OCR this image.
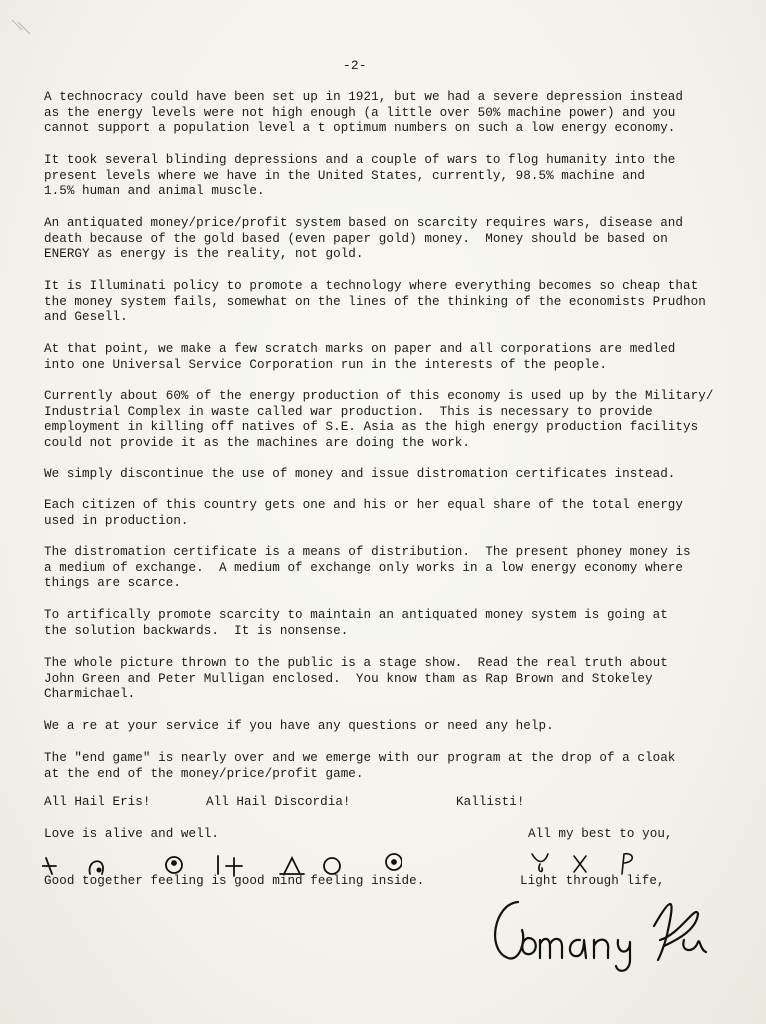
-2-

A technocracy could have been set up in 1921, but we had a severe depression instead
as the energy levels were not high enough (a little over 50% machine power) and you
cannot support a population level a t optimum numbers on such a low energy economy.

It took several blinding depressions and a couple of wars to flog humanity into the
present levels where we have in the United States, currently, 98.5% machine and
1.5% human and animal muscle.

An antiquated money/price/profit system based on scarcity requires wars, disease and
death because of the gold based (even paper gold) money.  Money should be based on
ENERGY as energy is the reality, not gold.

It is Illuminati policy to promote a technology where everything becomes so cheap that
the money system fails, somewhat on the lines of the thinking of the economists Prudhon
and Gesell.

At that point, we make a few scratch marks on paper and all corporations are medled
into one Universal Service Corporation run in the interests of the people.

Currently about 60% of the energy production of this economy is used up by the Military/
Industrial Complex in waste called war production.  This is necessary to provide
employment in killing off natives of S.E. Asia as the high energy production facilitys
could not provide it as the machines are doing the work.

We simply discontinue the use of money and issue distromation certificates instead.

Each citizen of this country gets one and his or her equal share of the total energy
used in production.

The distromation certificate is a means of distribution.  The present phoney money is
a medium of exchange.  A medium of exchange only works in a low energy economy where
things are scarce.

To artifically promote scarcity to maintain an antiquated money system is going at
the solution backwards.  It is nonsense.

The whole picture thrown to the public is a stage show.  Read the real truth about
John Green and Peter Mulligan enclosed.  You know tham as Rap Brown and Stokeley
Charmichael.

We a re at your service if you have any questions or need any help.

The "end game" is nearly over and we emerge with our program at the drop of a cloak
at the end of the money/price/profit game.

All Hail Eris!	All Hail Discordia!	Kallisti!
Love is alive and well.	All my best to you,
Good together feeling is good mind feeling inside.	Light through life,
